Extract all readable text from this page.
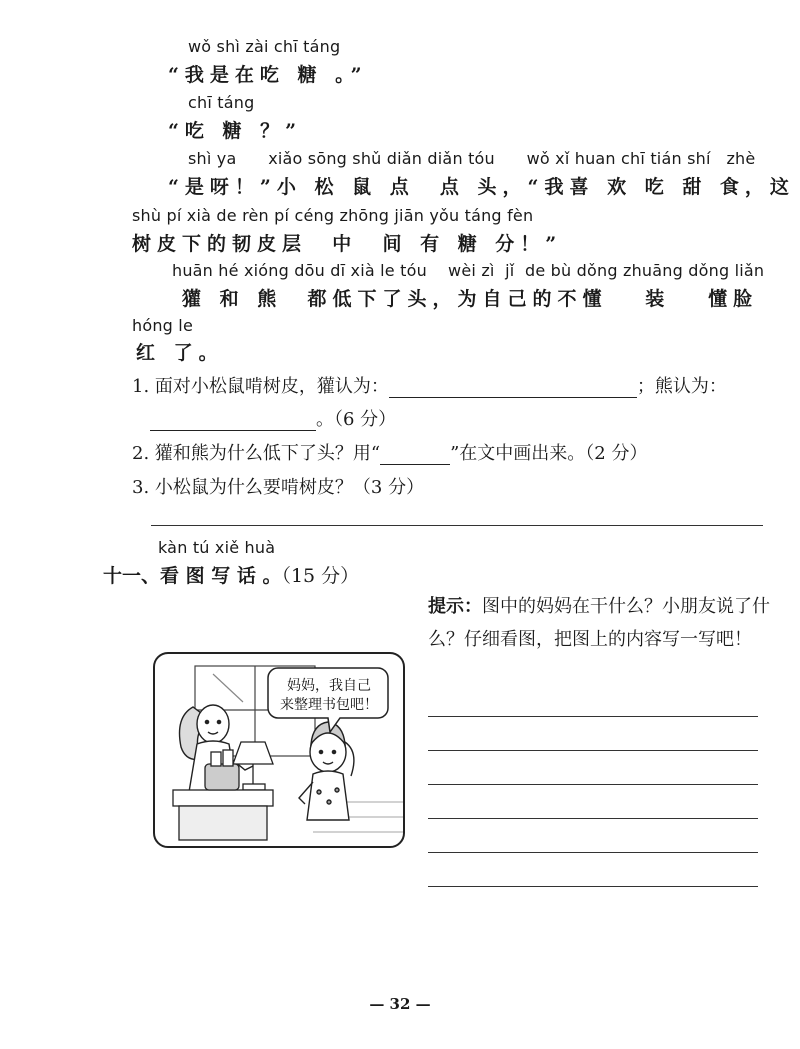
wǒ shì zài chī táng
“我是在吃 糖 。”
chī táng
“吃 糖 ？”
shì ya      xiǎo sōng shǔ diǎn diǎn tóu      wǒ xǐ huan chī tián shí   zhè
“是呀！”小 松 鼠 点  点 头，“我喜 欢 吃 甜 食，这
shù pí xià de rèn pí céng zhōng jiān yǒu táng fèn
树皮下的韧皮层  中  间 有 糖 分！”
huān hé xióng dōu dī xià le tóu    wèi zì  jǐ  de bù dǒng zhuāng dǒng liǎn
獾 和 熊  都低下了头，为自己的不懂   装   懂脸
hóng le
红 了。
1. 面对小松鼠啃树皮，獾认为：	；熊认为：
。（6 分）
2. 獾和熊为什么低下了头？用“	”在文中画出来。（2 分）
3. 小松鼠为什么要啃树皮？（3 分）
kàn tú xiě huà
十一、看 图 写 话 。（15 分）
提示：图中的妈妈在干什么？小朋友说了什么？仔细看图，把图上的内容写一写吧！
妈妈，我自己
来整理书包吧！
— 32 —
